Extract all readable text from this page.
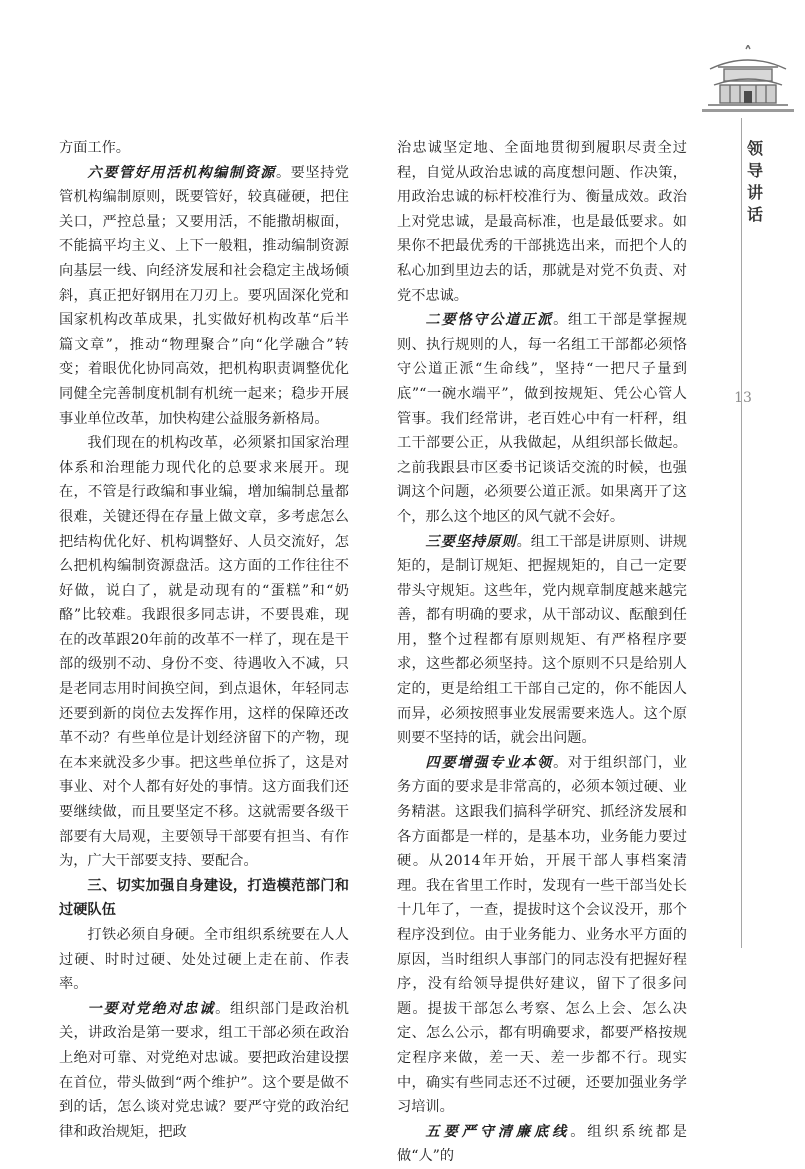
方面工作。

六要管好用活机构编制资源。要坚持党管机构编制原则，既要管好，较真碰硬，把住关口，严控总量；又要用活，不能撒胡椒面，不能搞平均主义、上下一般粗，推动编制资源向基层一线、向经济发展和社会稳定主战场倾斜，真正把好钢用在刀刃上。要巩固深化党和国家机构改革成果，扎实做好机构改革“后半篇文章”，推动“物理聚合”向“化学融合”转变；着眼优化协同高效，把机构职责调整优化同健全完善制度机制有机统一起来；稳步开展事业单位改革，加快构建公益服务新格局。

我们现在的机构改革，必须紧扣国家治理体系和治理能力现代化的总要求来展开。现在，不管是行政编和事业编，增加编制总量都很难，关键还得在存量上做文章，多考虑怎么把结构优化好、机构调整好、人员交流好，怎么把机构编制资源盘活。这方面的工作往往不好做，说白了，就是动现有的“蛋糕”和“奶酪”比较难。我跟很多同志讲，不要畏难，现在的改革跟20年前的改革不一样了，现在是干部的级别不动、身份不变、待遇收入不减，只是老同志用时间换空间，到点退休，年轻同志还要到新的岗位去发挥作用，这样的保障还改革不动？有些单位是计划经济留下的产物，现在本来就没多少事。把这些单位拆了，这是对事业、对个人都有好处的事情。这方面我们还要继续做，而且要坚定不移。这就需要各级干部要有大局观，主要领导干部要有担当、有作为，广大干部要支持、要配合。

三、切实加强自身建设，打造模范部门和过硬队伍

打铁必须自身硬。全市组织系统要在人人过硬、时时过硬、处处过硬上走在前、作表率。

一要对党绝对忠诚。组织部门是政治机关，讲政治是第一要求，组工干部必须在政治上绝对可靠、对党绝对忠诚。要把政治建设摆在首位，带头做到“两个维护”。这个要是做不到的话，怎么谈对党忠诚？要严守党的政治纪律和政治规矩，把政

治忠诚坚定地、全面地贯彻到履职尽责全过程，自觉从政治忠诚的高度想问题、作决策，用政治忠诚的标杆校准行为、衡量成效。政治上对党忠诚，是最高标准，也是最低要求。如果你不把最优秀的干部挑选出来，而把个人的私心加到里边去的话，那就是对党不负责、对党不忠诚。

二要恪守公道正派。组工干部是掌握规则、执行规则的人，每一名组工干部都必须恪守公道正派“生命线”，坚持“一把尺子量到底”“一碗水端平”，做到按规矩、凭公心管人管事。我们经常讲，老百姓心中有一杆秤，组工干部要公正，从我做起，从组织部长做起。之前我跟县市区委书记谈话交流的时候，也强调这个问题，必须要公道正派。如果离开了这个，那么这个地区的风气就不会好。

三要坚持原则。组工干部是讲原则、讲规矩的，是制订规矩、把握规矩的，自己一定要带头守规矩。这些年，党内规章制度越来越完善，都有明确的要求，从干部动议、酝酿到任用，整个过程都有原则规矩、有严格程序要求，这些都必须坚持。这个原则不只是给别人定的，更是给组工干部自己定的，你不能因人而异，必须按照事业发展需要来选人。这个原则要不坚持的话，就会出问题。

四要增强专业本领。对于组织部门，业务方面的要求是非常高的，必须本领过硬、业务精湛。这跟我们搞科学研究、抓经济发展和各方面都是一样的，是基本功，业务能力要过硬。从2014年开始，开展干部人事档案清理。我在省里工作时，发现有一些干部当处长十几年了，一查，提拔时这个会议没开，那个程序没到位。由于业务能力、业务水平方面的原因，当时组织人事部门的同志没有把握好程序，没有给领导提供好建议，留下了很多问题。提拔干部怎么考察、怎么上会、怎么决定、怎么公示，都有明确要求，都要严格按规定程序来做，差一天、差一步都不行。现实中，确实有些同志还不过硬，还要加强业务学习培训。

五要严守清廉底线。组织系统都是做“人”的

领导讲话
13
